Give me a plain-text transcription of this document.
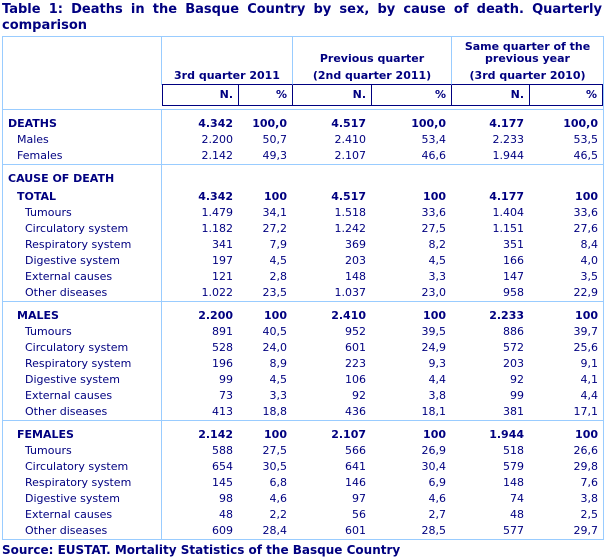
Table 1: Deaths in the Basque Country by sex, by cause of death. Quarterly
comparison

3rd quarter 2011

Previous quarter
(2nd quarter 2011)

Same quarter of the previous year
(3rd quarter 2010)

	N.	%	N.	%	N.	%

DEATHS	4.342	100,0	4.517	100,0	4.177	100,0
Males	2.200	50,7	2.410	53,4	2.233	53,5
Females	2.142	49,3	2.107	46,6	1.944	46,5
CAUSE OF DEATH						
TOTAL	4.342	100	4.517	100	4.177	100
Tumours	1.479	34,1	1.518	33,6	1.404	33,6
Circulatory system	1.182	27,2	1.242	27,5	1.151	27,6
Respiratory system	341	7,9	369	8,2	351	8,4
Digestive system	197	4,5	203	4,5	166	4,0
External causes	121	2,8	148	3,3	147	3,5
Other diseases	1.022	23,5	1.037	23,0	958	22,9
MALES	2.200	100	2.410	100	2.233	100
Tumours	891	40,5	952	39,5	886	39,7
Circulatory system	528	24,0	601	24,9	572	25,6
Respiratory system	196	8,9	223	9,3	203	9,1
Digestive system	99	4,5	106	4,4	92	4,1
External causes	73	3,3	92	3,8	99	4,4
Other diseases	413	18,8	436	18,1	381	17,1
FEMALES	2.142	100	2.107	100	1.944	100
Tumours	588	27,5	566	26,9	518	26,6
Circulatory system	654	30,5	641	30,4	579	29,8
Respiratory system	145	6,8	146	6,9	148	7,6
Digestive system	98	4,6	97	4,6	74	3,8
External causes	48	2,2	56	2,7	48	2,5
Other diseases	609	28,4	601	28,5	577	29,7
Source: EUSTAT. Mortality Statistics of the Basque Country
